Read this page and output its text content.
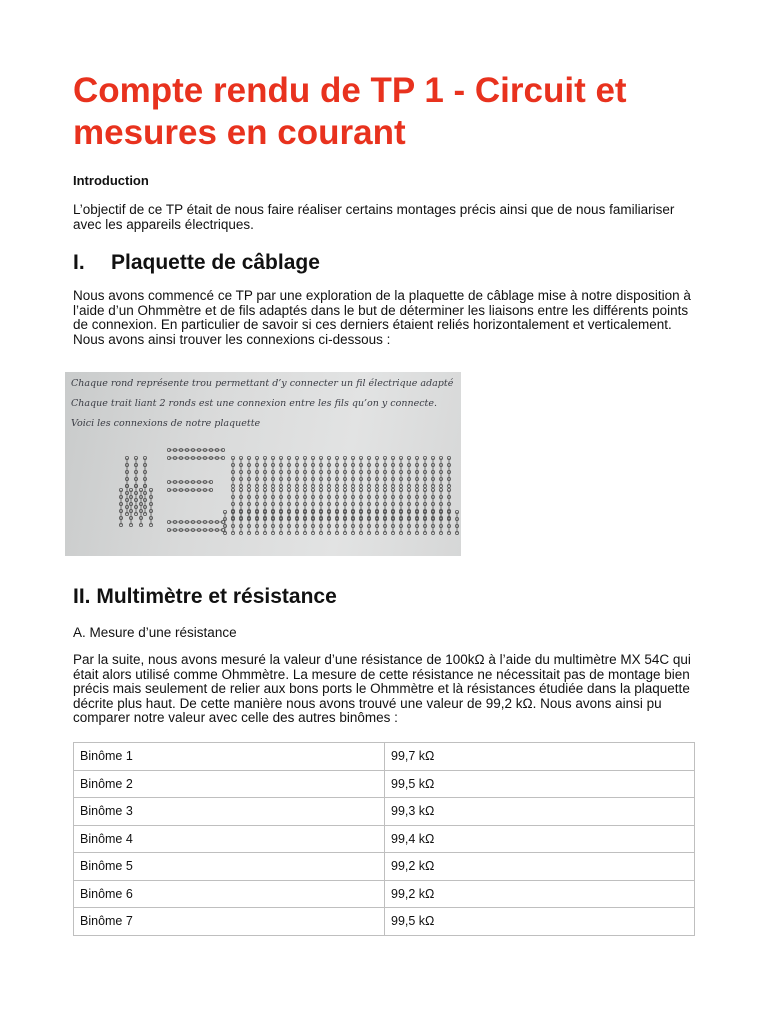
Compte rendu de TP 1 - Circuit et mesures en courant

Introduction

L’objectif de ce TP était de nous faire réaliser certains montages précis ainsi que de nous familiariser avec les appareils électriques.

I. Plaquette de câblage

Nous avons commencé ce TP par une exploration de la plaquette de câblage mise à notre disposition à l’aide d’un Ohmmètre et de fils adaptés dans le but de déterminer les liaisons entre les différents points de connexion. En particulier de savoir si ces derniers étaient reliés horizontalement et verticalement. Nous avons ainsi trouver les connexions ci-dessous :

Chaque rond représente trou permettant d’y connecter un fil électrique adapté
Chaque trait liant 2 ronds est une connexion entre les fils qu’on y connecte.
Voici les connexions de notre plaquette
II. Multimètre et résistance

A. Mesure d’une résistance

Par la suite, nous avons mesuré la valeur d’une résistance de 100kΩ à l’aide du multimètre MX 54C qui était alors utilisé comme Ohmmètre. La mesure de cette résistance ne nécessitait pas de montage bien précis mais seulement de relier aux bons ports le Ohmmètre et là résistances étudiée dans la plaquette décrite plus haut. De cette manière nous avons trouvé une valeur de 99,2 kΩ. Nous avons ainsi pu comparer notre valeur avec celle des autres binômes :

Binôme 1	99,7 kΩ
Binôme 2	99,5 kΩ
Binôme 3	99,3 kΩ
Binôme 4	99,4 kΩ
Binôme 5	99,2 kΩ
Binôme 6	99,2 kΩ
Binôme 7	99,5 kΩ
